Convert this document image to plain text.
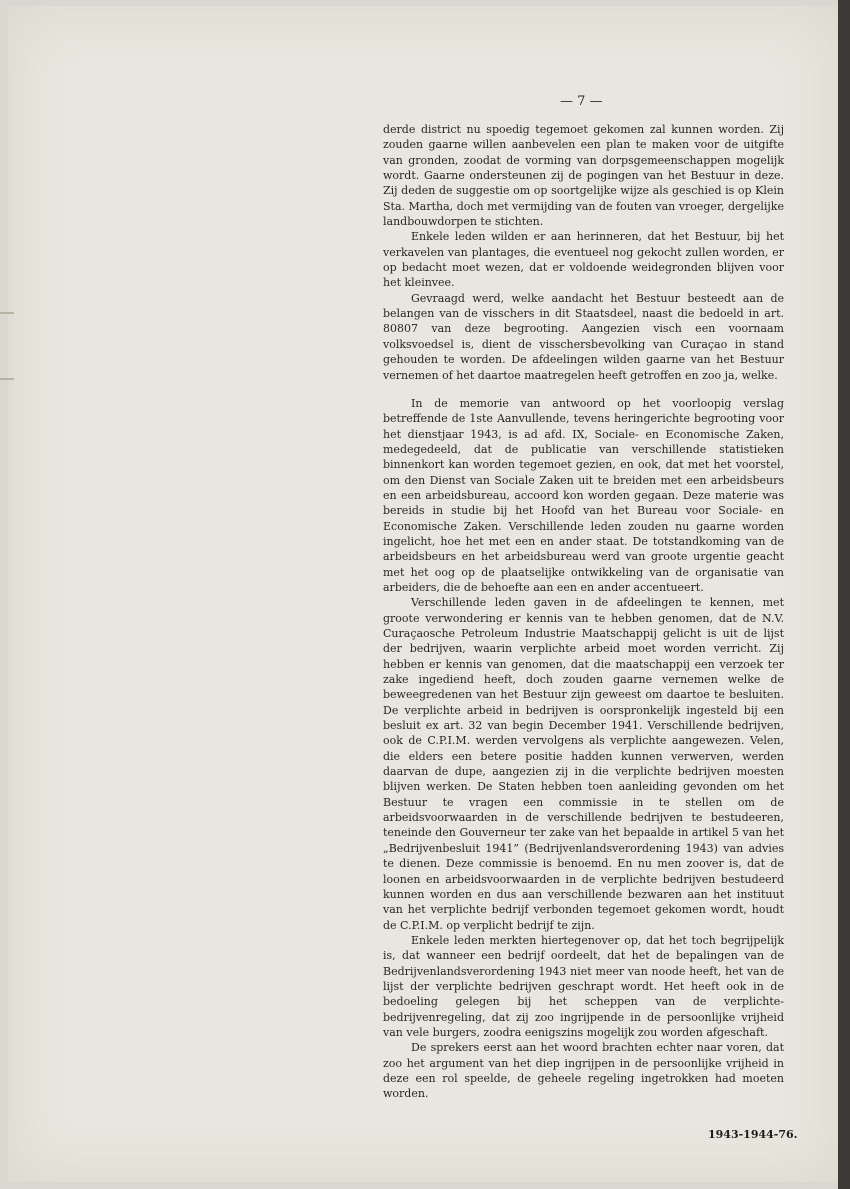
— 7 —

derde district nu spoedig tegemoet gekomen zal kunnen worden. Zij zouden gaarne willen aanbevelen een plan te maken voor de uitgifte van gronden, zoodat de vorming van dorpsgemeenschappen mogelijk wordt. Gaarne ondersteunen zij de pogingen van het Bestuur in deze. Zij deden de suggestie om op soortgelijke wijze als geschied is op Klein Sta. Martha, doch met vermijding van de fouten van vroeger, dergelijke landbouwdorpen te stichten.

Enkele leden wilden er aan herinneren, dat het Bestuur, bij het verkavelen van plantages, die eventueel nog gekocht zullen worden, er op bedacht moet wezen, dat er voldoende weidegronden blijven voor het kleinvee.

Gevraagd werd, welke aandacht het Bestuur besteedt aan de belangen van de visschers in dit Staatsdeel, naast die bedoeld in art. 80807 van deze begrooting. Aangezien visch een voornaam volksvoedsel is, dient de visschersbevolking van Curaçao in stand gehouden te worden. De afdeelingen wilden gaarne van het Bestuur vernemen of het daartoe maatregelen heeft getroffen en zoo ja, welke.

In de memorie van antwoord op het voorloopig verslag betreffende de 1ste Aanvullende, tevens heringerichte begrooting voor het dienstjaar 1943, is ad afd. IX, Sociale- en Economische Zaken, medegedeeld, dat de publicatie van verschillende statistieken binnenkort kan worden tegemoet gezien, en ook, dat met het voorstel, om den Dienst van Sociale Zaken uit te breiden met een arbeidsbeurs en een arbeidsbureau, accoord kon worden gegaan. Deze materie was bereids in studie bij het Hoofd van het Bureau voor Sociale- en Economische Zaken. Verschillende leden zouden nu gaarne worden ingelicht, hoe het met een en ander staat. De totstandkoming van de arbeidsbeurs en het arbeidsbureau werd van groote urgentie geacht met het oog op de plaatselijke ontwikkeling van de organisatie van arbeiders, die de behoefte aan een en ander accentueert.

Verschillende leden gaven in de afdeelingen te kennen, met groote verwondering er kennis van te hebben genomen, dat de N.V. Curaçaosche Petroleum Industrie Maatschappij gelicht is uit de lijst der bedrijven, waarin verplichte arbeid moet worden verricht. Zij hebben er kennis van genomen, dat die maatschappij een verzoek ter zake ingediend heeft, doch zouden gaarne vernemen welke de beweegredenen van het Bestuur zijn geweest om daartoe te besluiten. De verplichte arbeid in bedrijven is oorspronkelijk ingesteld bij een besluit ex art. 32 van begin December 1941. Verschillende bedrijven, ook de C.P.I.M. werden vervolgens als verplichte aangewezen. Velen, die elders een betere positie hadden kunnen verwerven, werden daarvan de dupe, aangezien zij in die verplichte bedrijven moesten blijven werken. De Staten hebben toen aanleiding gevonden om het Bestuur te vragen een commissie in te stellen om de arbeidsvoorwaarden in de verschillende bedrijven te bestudeeren, teneinde den Gouverneur ter zake van het bepaalde in artikel 5 van het „Bedrijvenbesluit 1941” (Bedrijvenlandsverordening 1943) van advies te dienen. Deze commissie is benoemd. En nu men zoover is, dat de loonen en arbeidsvoorwaarden in de verplichte bedrijven bestudeerd kunnen worden en dus aan verschillende bezwaren aan het instituut van het verplichte bedrijf verbonden tegemoet gekomen wordt, houdt de C.P.I.M. op verplicht bedrijf te zijn.

Enkele leden merkten hiertegenover op, dat het toch begrijpelijk is, dat wanneer een bedrijf oordeelt, dat het de bepalingen van de Bedrijvenlandsverordening 1943 niet meer van noode heeft, het van de lijst der verplichte bedrijven geschrapt wordt. Het heeft ook in de bedoeling gelegen bij het scheppen van de verplichte-bedrijvenregeling, dat zij zoo ingrijpende in de persoonlijke vrijheid van vele burgers, zoodra eenigszins mogelijk zou worden afgeschaft.

De sprekers eerst aan het woord brachten echter naar voren, dat zoo het argument van het diep ingrijpen in de persoonlijke vrijheid in deze een rol speelde, de geheele regeling ingetrokken had moeten worden.

1943-1944-76.
